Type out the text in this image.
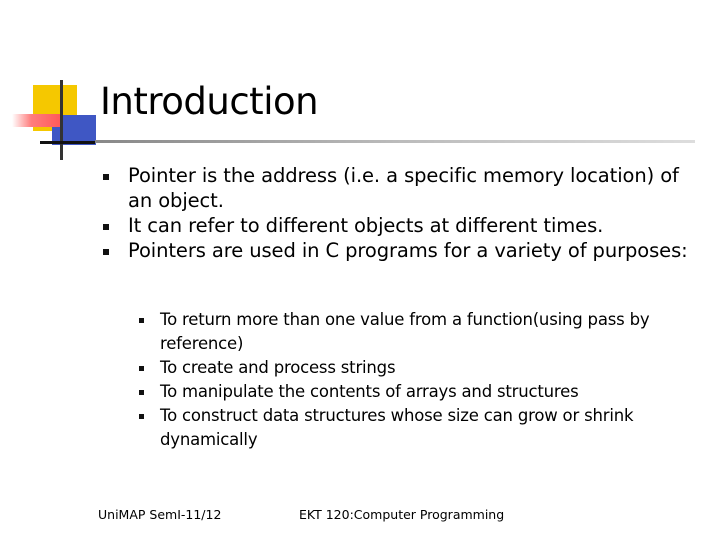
Introduction
Pointer is the address (i.e. a specific memory location) of an object.
It can refer to different objects at different times.
Pointers are used in C programs for a variety of purposes:
To return more than one value from a function(using pass by reference)
To create and process strings
To manipulate the contents of arrays and structures
To construct data structures whose size can grow or shrink dynamically
UniMAP SemI-11/12	EKT 120:Computer Programming
